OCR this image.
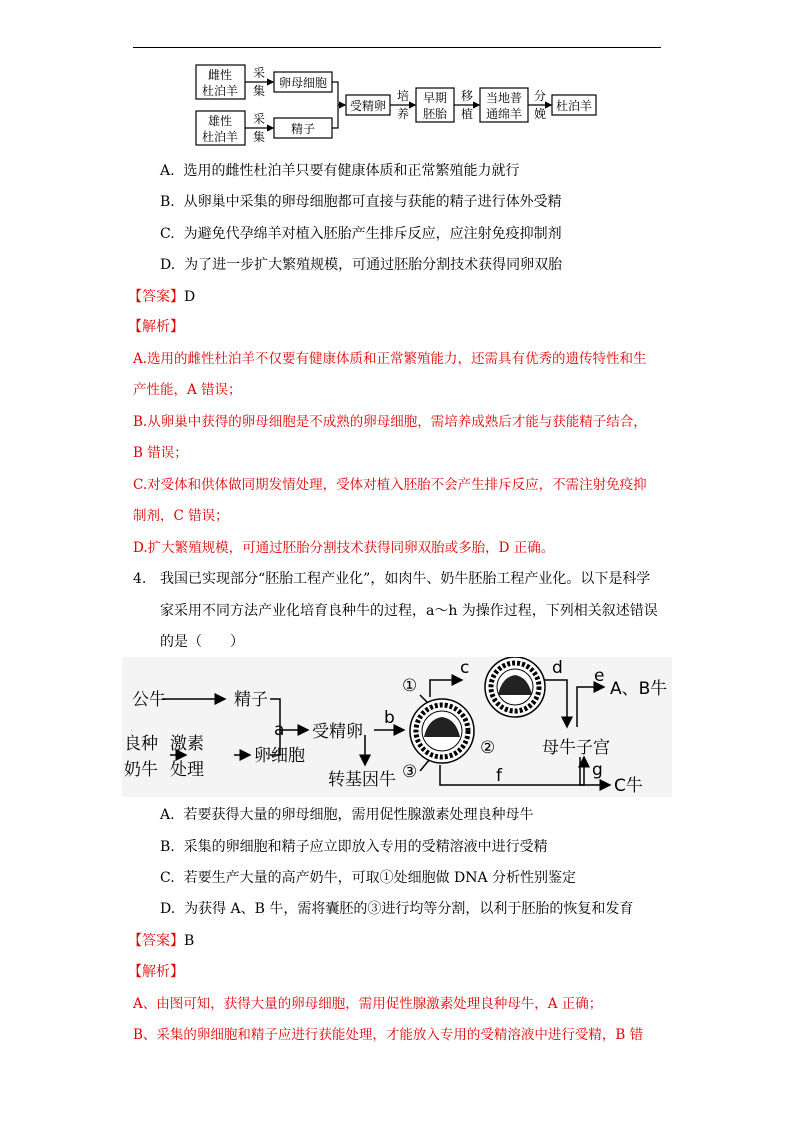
雌性
杜泊羊
雄性
杜泊羊
采
集
采
集
卵母细胞
精子
受精卵
培
养
早期
胚胎
移
植
当地普
通绵羊
分
娩
杜泊羊
A. 选用的雌性杜泊羊只要有健康体质和正常繁殖能力就行
B. 从卵巢中采集的卵母细胞都可直接与获能的精子进行体外受精
C. 为避免代孕绵羊对植入胚胎产生排斥反应，应注射免疫抑制剂
D. 为了进一步扩大繁殖规模，可通过胚胎分割技术获得同卵双胎
【答案】D
【解析】
A.选用的雌性杜泊羊不仅要有健康体质和正常繁殖能力，还需具有优秀的遗传特性和生
产性能，A 错误；
B.从卵巢中获得的卵母细胞是不成熟的卵母细胞，需培养成熟后才能与获能精子结合，
B 错误；
C.对受体和供体做同期发情处理，受体对植入胚胎不会产生排斥反应，不需注射免疫抑
制剂，C 错误；
D.扩大繁殖规模，可通过胚胎分割技术获得同卵双胎或多胎，D 正确。
4. 我国已实现部分“胚胎工程产业化”，如肉牛、奶牛胚胎工程产业化。以下是科学
家采用不同方法产业化培育良种牛的过程，a～h 为操作过程，下列相关叙述错误
的是（　　）
公牛	精子
a 受精卵
b
良种
奶牛
激素
处理
卵细胞
转基因牛
c	d e
f	g
①
②
③
母牛子宫
A、B牛
C牛
A. 若要获得大量的卵母细胞，需用促性腺激素处理良种母牛
B. 采集的卵细胞和精子应立即放入专用的受精溶液中进行受精
C. 若要生产大量的高产奶牛，可取①处细胞做 DNA 分析性别鉴定
D. 为获得 A、B 牛，需将囊胚的③进行均等分割，以利于胚胎的恢复和发育
【答案】B
【解析】
A、由图可知，获得大量的卵母细胞，需用促性腺激素处理良种母牛，A 正确；
B、采集的卵细胞和精子应进行获能处理，才能放入专用的受精溶液中进行受精，B 错
